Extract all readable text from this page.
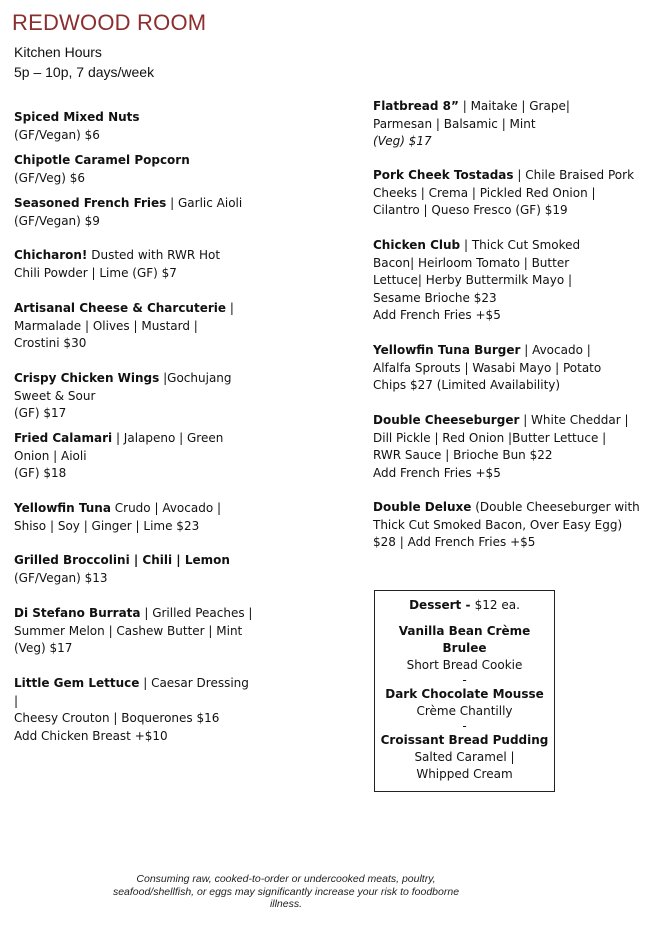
REDWOOD ROOM
Kitchen Hours
5p – 10p, 7 days/week
Spiced Mixed Nuts
(GF/Vegan) $6
Chipotle Caramel Popcorn
(GF/Veg) $6
Seasoned French Fries | Garlic Aioli
(GF/Vegan) $9
Chicharon! Dusted with RWR Hot
Chili Powder | Lime (GF) $7
Artisanal Cheese & Charcuterie |
Marmalade | Olives | Mustard |
Crostini $30
Crispy Chicken Wings |Gochujang
Sweet & Sour
(GF) $17
Fried Calamari | Jalapeno | Green
Onion | Aioli
(GF) $18
Yellowfin Tuna Crudo | Avocado |
Shiso | Soy | Ginger | Lime $23
Grilled Broccolini | Chili | Lemon
(GF/Vegan) $13
Di Stefano Burrata | Grilled Peaches |
Summer Melon | Cashew Butter | Mint
(Veg) $17
Little Gem Lettuce | Caesar Dressing |
Cheesy Crouton | Boquerones $16
Add Chicken Breast +$10
Flatbread 8” | Maitake | Grape|
Parmesan | Balsamic | Mint
(Veg) $17
Pork Cheek Tostadas | Chile Braised Pork
Cheeks | Crema | Pickled Red Onion |
Cilantro | Queso Fresco (GF) $19
Chicken Club | Thick Cut Smoked
Bacon| Heirloom Tomato | Butter
Lettuce| Herby Buttermilk Mayo |
Sesame Brioche $23
Add French Fries +$5
Yellowfin Tuna Burger | Avocado |
Alfalfa Sprouts | Wasabi Mayo | Potato
Chips $27 (Limited Availability)
Double Cheeseburger | White Cheddar |
Dill Pickle | Red Onion |Butter Lettuce |
RWR Sauce | Brioche Bun $22
Add French Fries +$5
Double Deluxe (Double Cheeseburger with
Thick Cut Smoked Bacon, Over Easy Egg)
$28 | Add French Fries +$5
Dessert - $12 ea.
Vanilla Bean Crème Brulee
Short Bread Cookie
-
Dark Chocolate Mousse
Crème Chantilly
-
Croissant Bread Pudding
Salted Caramel | Whipped Cream
Consuming raw, cooked-to-order or undercooked meats, poultry, seafood/shellfish, or eggs may significantly increase your risk to foodborne illness.
